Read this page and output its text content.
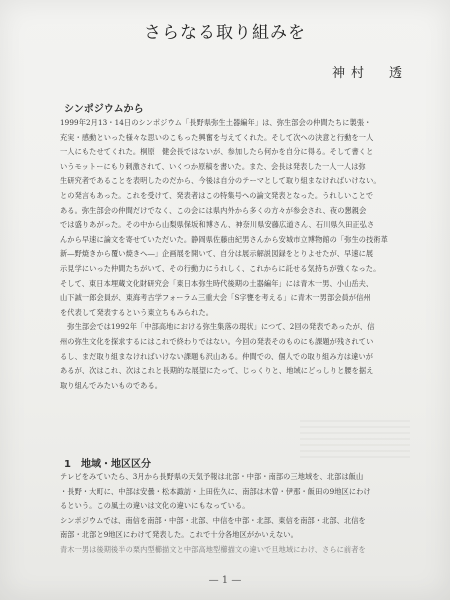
さらなる取り組みを
神村　透
シンポジウムから
1999年2月13・14日のシンポジウム「長野県弥生土器編年」は、弥生部会の仲間たちに製張・
充実・感動といった様々な思いのこもった興奮を与えてくれた。そして次への決意と行動を一人
一人にもたせてくれた。桐原　健会長ではないが、参加したら何かを自分に得る。そして書くと
いうモットーにもり刺激されて、いくつか原稿を書いた。また、会長は発表した一人一人は弥
生研究者であることを表明したのだから、今後は自分のテーマとして取り組まなければいけない。
との発言もあった。これを受けて、発表者はこの特集号への論文発表となった。うれしいことで
ある。弥生部会の仲間だけでなく、この会には県内外から多くの方々が参会され、夜の懇親会
では盛りあがった。その中から山梨県保坂和博さん、神奈川県安藤広道さん、石川県久田正弘さ
んから早速に論文を寄せていただいた。静岡県佐藤由紀男さんから安城市立博物館の「弥生の技術革
新―野焼きから覆い焼きへ―」企画展を開いて、自分は展示解説図録をとりよせたが、早速に展
示見学にいった仲間たちがいて、その行動力にうれしく、これからに託せる気持ちが強くなった。
そして、東日本埋蔵文化財研究会「東日本弥生時代後期の土器編年」には青木一男、小山岳夫、
山下誠一郎会員が、東海考古学フォーラム三重大会「S字甕を考える」に青木一男部会員が信州
を代表して発表するという東立ちもみられた。
　弥生部会では1992年「中部高地における弥生集落の現状」につて、2回の発表であったが、信
州の弥生文化を探求するにはこれで終わりではない。今回の発表そのものにも課題が残されてい
るし、まだ取り組まなければいけない課題も沢山ある。仲間での、個人での取り組み方は違いが
あるが、次はこれ、次はこれと長期的な展望にたって、じっくりと、地域にどっしりと腰を据え
取り組んでみたいものである。
1　地域・地区区分
テレビをみていたら、3月から長野県の天気予報は北部・中部・南部の三地域を、北部は飯山
・長野・大町に、中部は安曇・松本諏訪・上田佐久に、南部は木曽・伊那・飯田の9地区にわけ
るという。この風土の違いは文化の違いにもなっている。
シンポジウムでは、南信を南部・中部・北部、中信を中部・北部、東信を南部・北部、北信を
南部・北部と9地区にわけて発表した。これで十分各地区がかいえない。
青木一男は後期後半の栗内型櫛描文と中部高地型櫛描文の違いで旦地域にわけ、さらに前者を
— 1 —
